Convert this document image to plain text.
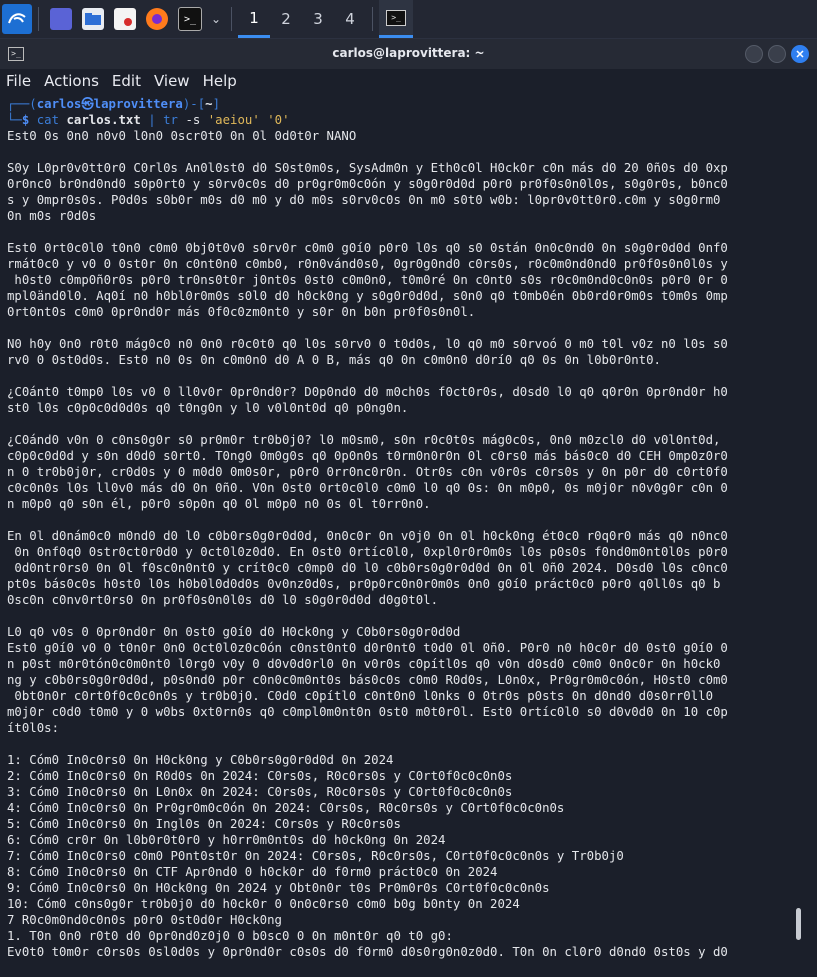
>_	⌄	1	2	3	4	>_
>_	carlos@laprovittera: ~	✕
File Actions Edit View Help
┌──(carlos㉿laprovittera)-[~]
└─$ cat carlos.txt | tr -s 'aeiou' '0'
Est0 0s 0n0 n0v0 l0n0 0scr0t0 0n 0l 0d0t0r NANO
S0y L0pr0v0tt0r0 C0rl0s An0l0st0 d0 S0st0m0s, SysAdm0n y Eth0c0l H0ck0r c0n más d0 20 0ñ0s d0 0xp
0r0nc0 br0nd0nd0 s0p0rt0 y s0rv0c0s d0 pr0gr0m0c0ón y s0g0r0d0d p0r0 pr0f0s0n0l0s, s0g0r0s, b0nc0
s y 0mpr0s0s. P0d0s s0b0r m0s d0 m0 y d0 m0s s0rv0c0s 0n m0 s0t0 w0b: l0pr0v0tt0r0.c0m y s0g0rm0
0n m0s r0d0s
Est0 0rt0c0l0 t0n0 c0m0 0bj0t0v0 s0rv0r c0m0 g0í0 p0r0 l0s q0 s0 0stán 0n0c0nd0 0n s0g0r0d0d 0nf0
rmát0c0 y v0 0 0st0r 0n c0nt0n0 c0mb0, r0n0vánd0s0, 0gr0g0nd0 c0rs0s, r0c0m0nd0nd0 pr0f0s0n0l0s y
h0st0 c0mp0ñ0r0s p0r0 tr0ns0t0r j0nt0s 0st0 c0m0n0, t0m0ré 0n c0nt0 s0s r0c0m0nd0c0n0s p0r0 0r 0
mpl0änd0l0. Aq0í n0 h0bl0r0m0s s0l0 d0 h0ck0ng y s0g0r0d0d, s0n0 q0 t0mb0én 0b0rd0r0m0s t0m0s 0mp
0rt0nt0s c0m0 0pr0nd0r más 0f0c0zm0nt0 y s0r 0n b0n pr0f0s0n0l.
N0 h0y 0n0 r0t0 mág0c0 n0 0n0 r0c0t0 q0 l0s s0rv0 0 t0d0s, l0 q0 m0 s0rvoó 0 m0 t0l v0z n0 l0s s0
rv0 0 0st0d0s. Est0 n0 0s 0n c0m0n0 d0 A 0 B, más q0 0n c0m0n0 d0rí0 q0 0s 0n l0b0r0nt0.
¿C0ánt0 t0mp0 l0s v0 0 ll0v0r 0pr0nd0r? D0p0nd0 d0 m0ch0s f0ct0r0s, d0sd0 l0 q0 q0r0n 0pr0nd0r h0
st0 l0s c0p0c0d0d0s q0 t0ng0n y l0 v0l0nt0d q0 p0ng0n.
¿C0ánd0 v0n 0 c0ns0g0r s0 pr0m0r tr0b0j0? l0 m0sm0, s0n r0c0t0s mág0c0s, 0n0 m0zcl0 d0 v0l0nt0d,
c0p0c0d0d y s0n d0d0 s0rt0. T0ng0 0m0g0s q0 0p0n0s t0rm0n0r0n 0l c0rs0 más bás0c0 d0 CEH 0mp0z0r0
n 0 tr0b0j0r, cr0d0s y 0 m0d0 0m0s0r, p0r0 0rr0nc0r0n. Otr0s c0n v0r0s c0rs0s y 0n p0r d0 c0rt0f0
c0c0n0s l0s ll0v0 más d0 0n 0ñ0. V0n 0st0 0rt0c0l0 c0m0 l0 q0 0s: 0n m0p0, 0s m0j0r n0v0g0r c0n 0
n m0p0 q0 s0n él, p0r0 s0p0n q0 0l m0p0 n0 0s 0l t0rr0n0.
En 0l d0nám0c0 m0nd0 d0 l0 c0b0rs0g0r0d0d, 0n0c0r 0n v0j0 0n 0l h0ck0ng ét0c0 r0q0r0 más q0 n0nc0
0n 0nf0q0 0str0ct0r0d0 y 0ct0l0z0d0. En 0st0 0rtíc0l0, 0xpl0r0r0m0s l0s p0s0s f0nd0m0nt0l0s p0r0
0d0ntr0rs0 0n 0l f0sc0n0nt0 y crít0c0 c0mp0 d0 l0 c0b0rs0g0r0d0d 0n 0l 0ñ0 2024. D0sd0 l0s c0nc0
pt0s bás0c0s h0st0 l0s h0b0l0d0d0s 0v0nz0d0s, pr0p0rc0n0r0m0s 0n0 g0í0 práct0c0 p0r0 q0ll0s q0 b
0sc0n c0nv0rt0rs0 0n pr0f0s0n0l0s d0 l0 s0g0r0d0d d0g0t0l.
L0 q0 v0s 0 0pr0nd0r 0n 0st0 g0í0 d0 H0ck0ng y C0b0rs0g0r0d0d
Est0 g0í0 v0 0 t0n0r 0n0 0ct0l0z0c0ón c0nst0nt0 d0r0nt0 t0d0 0l 0ñ0. P0r0 n0 h0c0r d0 0st0 g0í0 0
n p0st m0r0tón0c0m0nt0 l0rg0 v0y 0 d0v0d0rl0 0n v0r0s c0pítl0s q0 v0n d0sd0 c0m0 0n0c0r 0n h0ck0
ng y c0b0rs0g0r0d0d, p0s0nd0 p0r c0n0c0m0nt0s bás0c0s c0m0 R0d0s, L0n0x, Pr0gr0m0c0ón, H0st0 c0m0
0bt0n0r c0rt0f0c0c0n0s y tr0b0j0. C0d0 c0pítl0 c0nt0n0 l0nks 0 0tr0s p0sts 0n d0nd0 d0s0rr0ll0
m0j0r c0d0 t0m0 y 0 w0bs 0xt0rn0s q0 c0mpl0m0nt0n 0st0 m0t0r0l. Est0 0rtíc0l0 s0 d0v0d0 0n 10 c0p
ít0l0s:
1: Cóm0 In0c0rs0 0n H0ck0ng y C0b0rs0g0r0d0d 0n 2024
2: Cóm0 In0c0rs0 0n R0d0s 0n 2024: C0rs0s, R0c0rs0s y C0rt0f0c0c0n0s
3: Cóm0 In0c0rs0 0n L0n0x 0n 2024: C0rs0s, R0c0rs0s y C0rt0f0c0c0n0s
4: Cóm0 In0c0rs0 0n Pr0gr0m0c0ón 0n 2024: C0rs0s, R0c0rs0s y C0rt0f0c0c0n0s
5: Cóm0 In0c0rs0 0n Ingl0s 0n 2024: C0rs0s y R0c0rs0s
6: Cóm0 cr0r 0n l0b0r0t0r0 y h0rr0m0nt0s d0 h0ck0ng 0n 2024
7: Cóm0 In0c0rs0 c0m0 P0nt0st0r 0n 2024: C0rs0s, R0c0rs0s, C0rt0f0c0c0n0s y Tr0b0j0
8: Cóm0 In0c0rs0 0n CTF Apr0nd0 0 h0ck0r d0 f0rm0 práct0c0 0n 2024
9: Cóm0 In0c0rs0 0n H0ck0ng 0n 2024 y Obt0n0r t0s Pr0m0r0s C0rt0f0c0c0n0s
10: Cóm0 c0ns0g0r tr0b0j0 d0 h0ck0r 0 0n0c0rs0 c0m0 b0g b0nty 0n 2024
7 R0c0m0nd0c0n0s p0r0 0st0d0r H0ck0ng
1. T0n 0n0 r0t0 d0 0pr0nd0z0j0 0 b0sc0 0 0n m0nt0r q0 t0 g0:
Ev0t0 t0m0r c0rs0s 0sl0d0s y 0pr0nd0r c0s0s d0 f0rm0 d0s0rg0n0z0d0. T0n 0n cl0r0 d0nd0 0st0s y d0
